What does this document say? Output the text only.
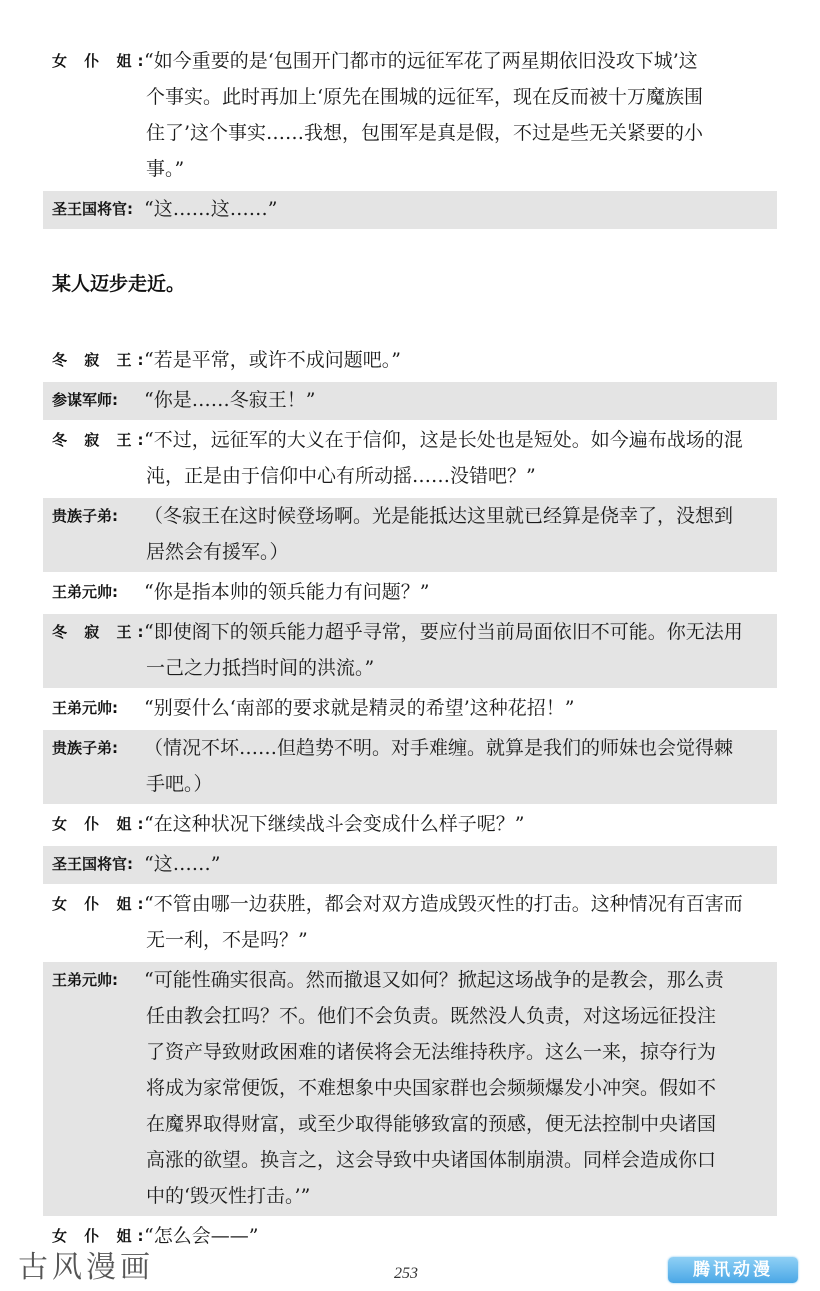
女 仆 姐:
“如今重要的是‘包围开门都市的远征军花了两星期依旧没攻下城’这
个事实。此时再加上‘原先在围城的远征军，现在反而被十万魔族围
住了’这个事实……我想，包围军是真是假，不过是些无关紧要的小
事。”
圣王国将官: “这……这……”
冬 寂 王:
“若是平常，或许不成问题吧。”
参谋军师: “你是……冬寂王！”
冬 寂 王:
“不过，远征军的大义在于信仰，这是长处也是短处。如今遍布战场的混
沌，正是由于信仰中心有所动摇……没错吧？”
贵族子弟: （冬寂王在这时候登场啊。光是能抵达这里就已经算是侥幸了，没想到
居然会有援军。）
王弟元帅: “你是指本帅的领兵能力有问题？”
冬 寂 王:
“即使阁下的领兵能力超乎寻常，要应付当前局面依旧不可能。你无法用
一己之力抵挡时间的洪流。”
王弟元帅: “别耍什么‘南部的要求就是精灵的希望’这种花招！”
贵族子弟: （情况不坏……但趋势不明。对手难缠。就算是我们的师妹也会觉得棘
手吧。）
女 仆 姐:
“在这种状况下继续战斗会变成什么样子呢？”
圣王国将官: “这……”
女 仆 姐:
“不管由哪一边获胜，都会对双方造成毁灭性的打击。这种情况有百害而
无一利，不是吗？”
王弟元帅: “可能性确实很高。然而撤退又如何？掀起这场战争的是教会，那么责
任由教会扛吗？不。他们不会负责。既然没人负责，对这场远征投注
了资产导致财政困难的诸侯将会无法维持秩序。这么一来，掠夺行为
将成为家常便饭，不难想象中央国家群也会频频爆发小冲突。假如不
在魔界取得财富，或至少取得能够致富的预感，便无法控制中央诸国
高涨的欲望。换言之，这会导致中央诸国体制崩溃。同样会造成你口
中的‘毁灭性打击。’”
女 仆 姐:
“怎么会——”
某人迈步走近。
古风漫画	253	腾讯动漫
